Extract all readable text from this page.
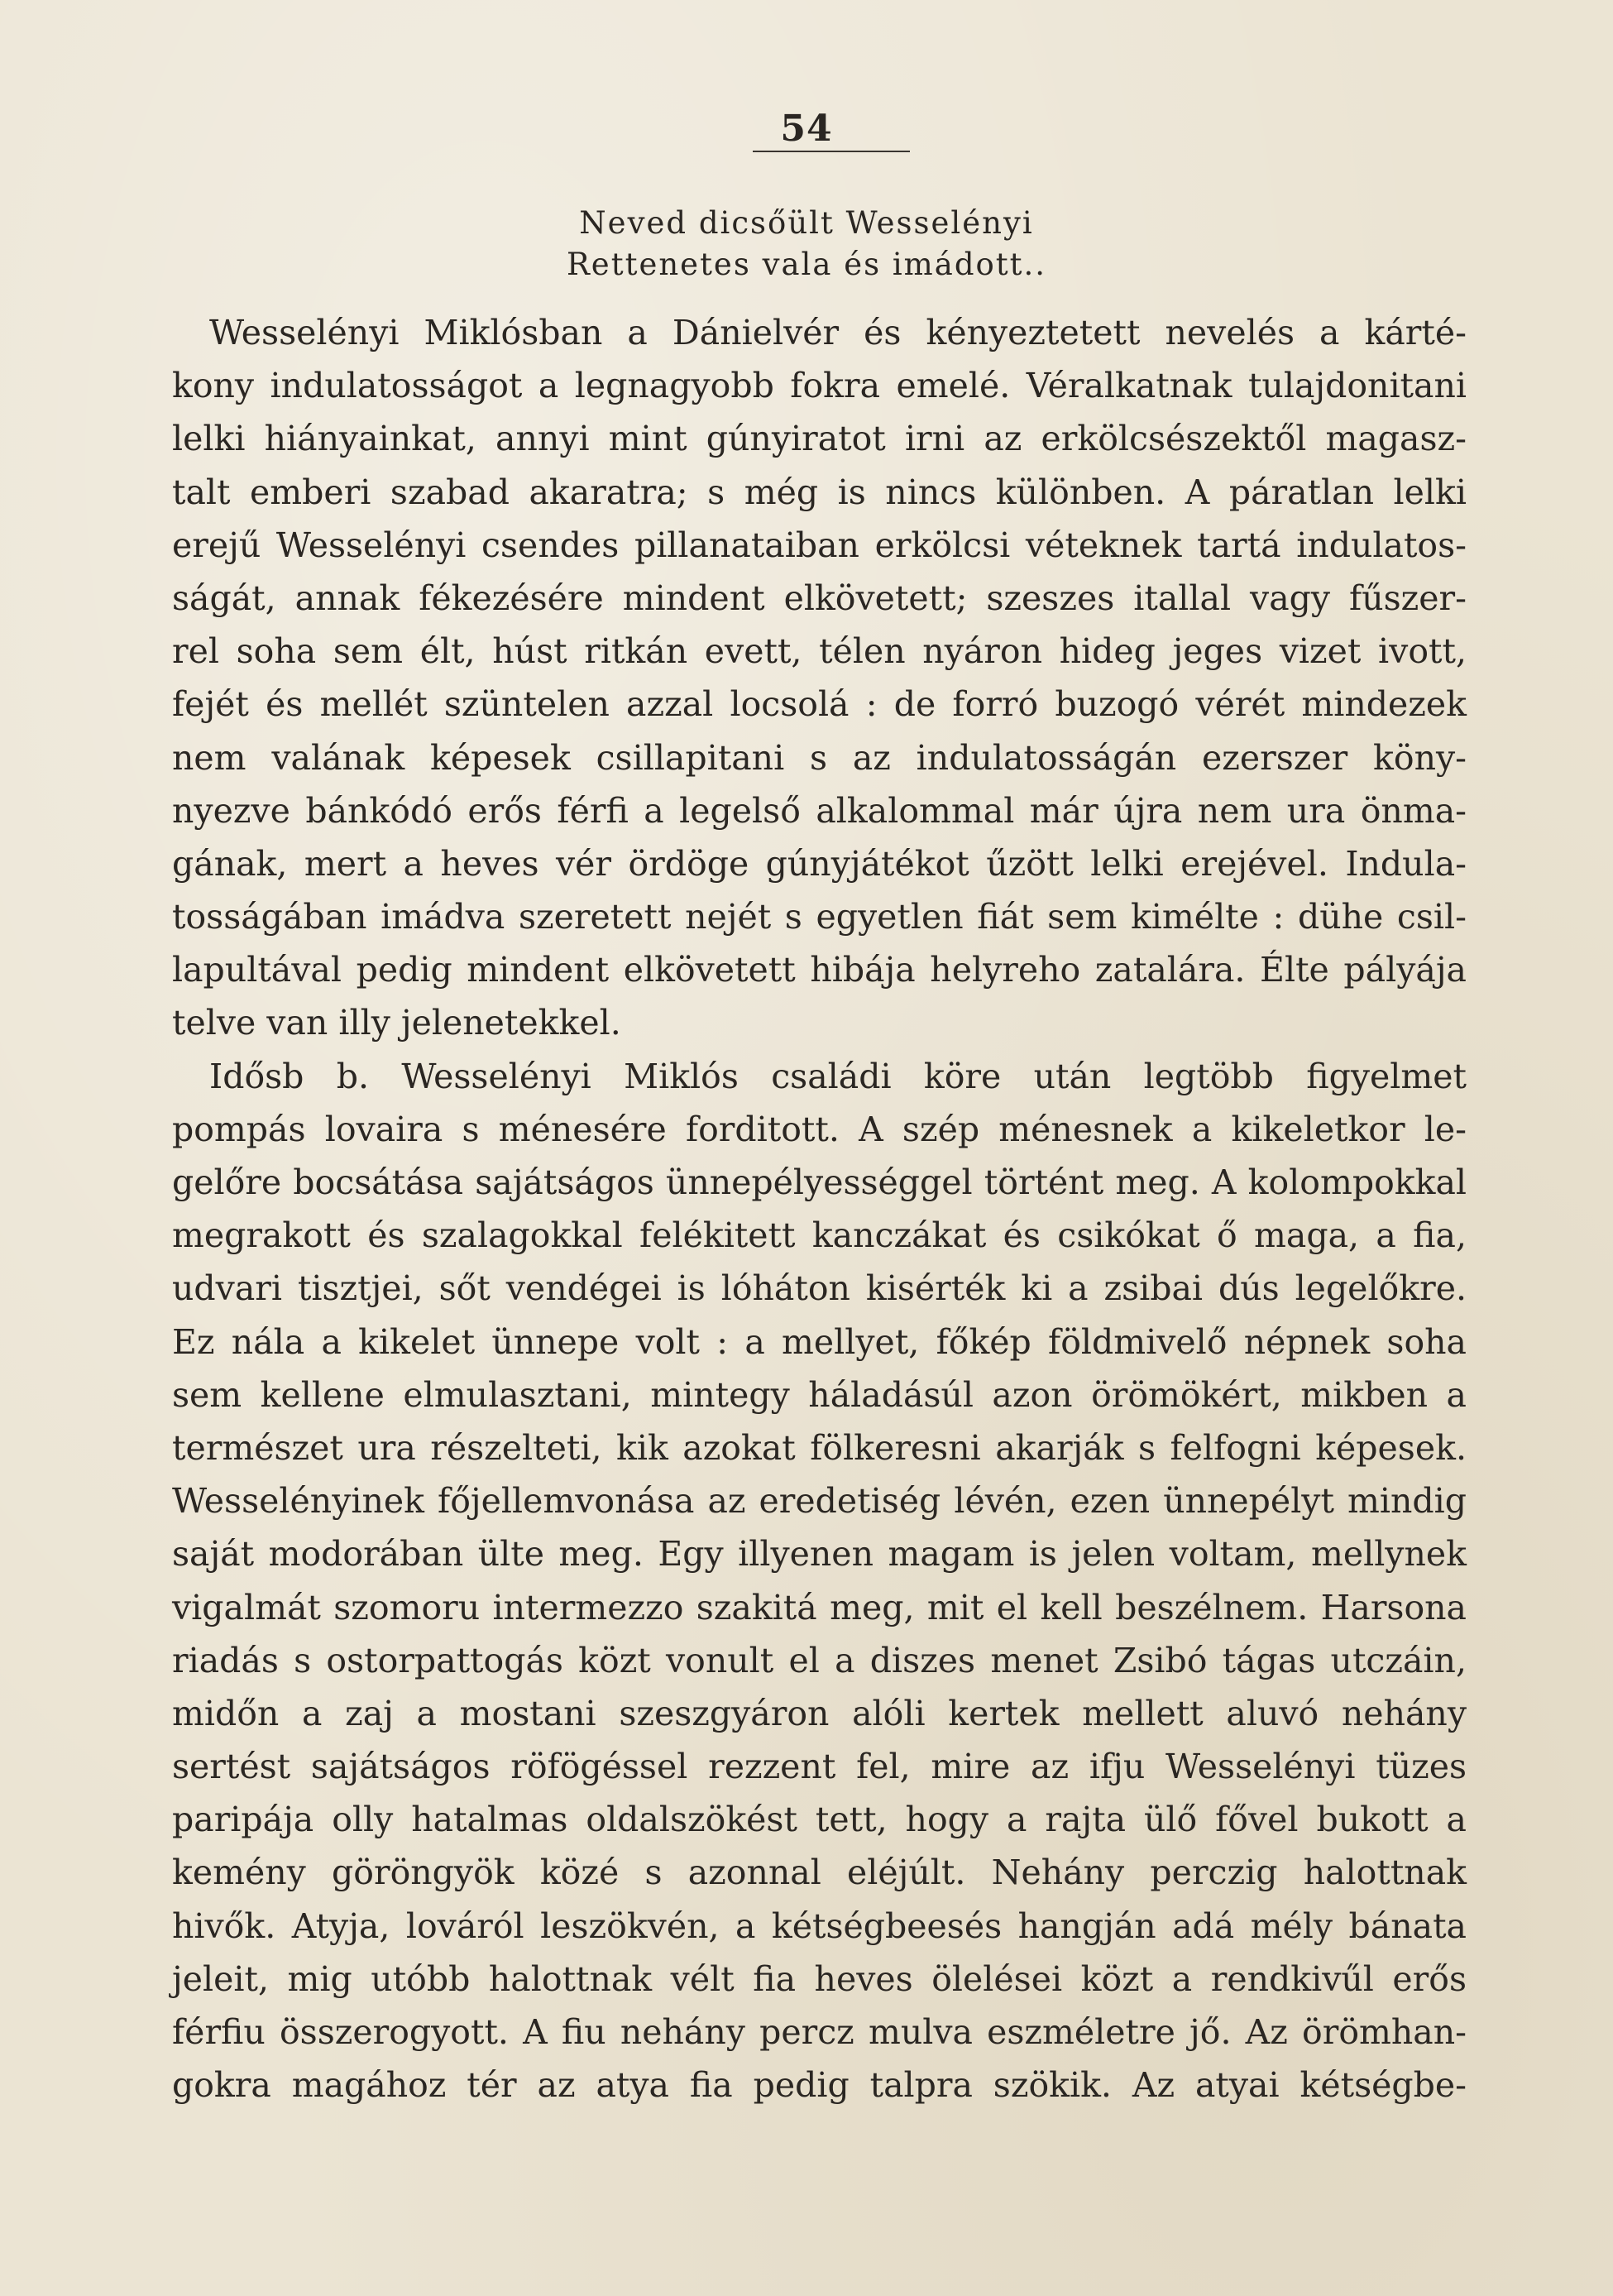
54
Neved dicsőült Wesselényi
Rettenetes vala és imádott..
Wesselényi Miklósban a Dánielvér és kényeztetett nevelés a kárté-
kony indulatosságot a legnagyobb fokra emelé. Véralkatnak tulajdonitani
lelki hiányainkat, annyi mint gúnyiratot irni az erkölcsészektől magasz-
talt emberi szabad akaratra; s még is nincs különben. A páratlan lelki
erejű Wesselényi csendes pillanataiban erkölcsi véteknek tartá indulatos-
ságát, annak fékezésére mindent elkövetett; szeszes itallal vagy fűszer-
rel soha sem élt, húst ritkán evett, télen nyáron hideg jeges vizet ivott,
fejét és mellét szüntelen azzal locsolá : de forró buzogó vérét mindezek
nem valának képesek csillapitani s az indulatosságán ezerszer köny-
nyezve bánkódó erős férfi a legelső alkalommal már újra nem ura önma-
gának, mert a heves vér ördöge gúnyjátékot űzött lelki erejével. Indula-
tosságában imádva szeretett nejét s egyetlen fiát sem kimélte : dühe csil-
lapultával pedig mindent elkövetett hibája helyreho zatalára. Élte pályája
telve van illy jelenetekkel.
Idősb b. Wesselényi Miklós családi köre után legtöbb figyelmet
pompás lovaira s ménesére forditott. A szép ménesnek a kikeletkor le-
gelőre bocsátása sajátságos ünnepélyességgel történt meg. A kolompokkal
megrakott és szalagokkal felékitett kanczákat és csikókat ő maga, a fia,
udvari tisztjei, sőt vendégei is lóháton kisérték ki a zsibai dús legelőkre.
Ez nála a kikelet ünnepe volt : a mellyet, főkép földmivelő népnek soha
sem kellene elmulasztani, mintegy háladásúl azon örömökért, mikben a
természet ura részelteti, kik azokat fölkeresni akarják s felfogni képesek.
Wesselényinek főjellemvonása az eredetiség lévén, ezen ünnepélyt mindig
saját modorában ülte meg. Egy illyenen magam is jelen voltam, mellynek
vigalmát szomoru intermezzo szakitá meg, mit el kell beszélnem. Harsona
riadás s ostorpattogás közt vonult el a diszes menet Zsibó tágas utczáin,
midőn a zaj a mostani szeszgyáron alóli kertek mellett aluvó nehány
sertést sajátságos röfögéssel rezzent fel, mire az ifju Wesselényi tüzes
paripája olly hatalmas oldalszökést tett, hogy a rajta ülő fővel bukott a
kemény göröngyök közé s azonnal eléjúlt. Nehány perczig halottnak
hivők. Atyja, lováról leszökvén, a kétségbeesés hangján adá mély bánata
jeleit, mig utóbb halottnak vélt fia heves ölelései közt a rendkivűl erős
férfiu összerogyott. A fiu nehány percz mulva eszméletre jő. Az örömhan-
gokra magához tér az atya fia pedig talpra szökik. Az atyai kétségbe-
